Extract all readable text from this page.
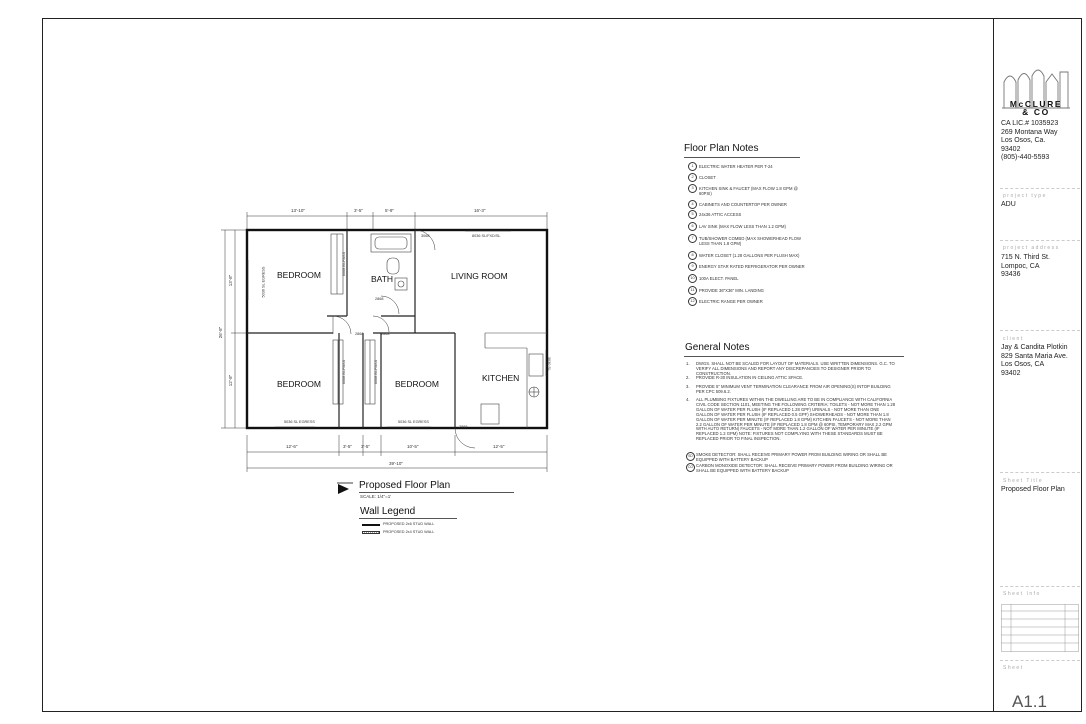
McCLURE
& CO
CA LIC.# 1035923
269 Montana Way
Los Osos, Ca.
93402
(805)-440-5593
project type
ADU
project address
715 N. Third St.
Lompoc, CA
93436
client
Jay & Candita Plotkin
829 Santa Maria Ave.
Los Osos, CA
93402
Sheet Title
Proposed Floor Plan
Sheet Info
Sheet
A1.1
Floor Plan Notes
1	ELECTRIC WATER HEATER PER T-24
2	CLOSET
3	KITCHEN SINK & FAUCET (MAX FLOW 1.8 GPM @ 60PSI)
4	CABINETS AND COUNTERTOP PER OWNER
5	24x36 ATTIC ACCESS
6	LAV SINK (MAX FLOW LESS THAN 1.2 GPM)
7	TUB/SHOWER COMBO (MAX SHOWERHEAD FLOW LESS THAN 1.8 GPM)
8	WATER CLOSET (1.28 GALLONS PER FLUSH MAX)
9	ENERGY STAR RATED REFRIGERATOR PER OWNER
10	100A ELECT. PANEL
11	PROVIDE 36"X36" MIN. LANDING
12	ELECTRIC RANGE PER OWNER
General Notes
1. DWGS. SHALL NOT BE SCALED FOR LAYOUT OF MATERIALS. USE WRITTEN DIMENSIONS. G.C. TO VERIFY ALL DIMENSIONS AND REPORT ANY DISCREPANCIES TO DESIGNER PRIOR TO CONSTRUCTION.
2. PROVIDE R-30 INSULATION IN CEILING ATTIC SPACE.
3. PROVIDE 5" MINIMUM VENT TERMINATION CLEARANCE FROM AIR OPENING(S) INTOP BUILDING PER CPC 509.6.2.
4. ALL PLUMBING FIXTURES WITHIN THE DWELLING ARE TO BE IN COMPLIANCE WITH CALIFORNIA CIVIL CODE SECTION 1101, MEETING THE FOLLOWING CRITERIA: TOILETS - NOT MORE THAN 1.28 GALLON OF WATER PER FLUSH (IF REPLACED 1.28 GPF) URINALS - NOT MORE THAN ONE GALLON OF WATER PER FLUSH (IF REPLACED 0.5 GPF) SHOWERHEADS - NOT MORE THAN 1.8 GALLON OF WATER PER MINUTE (IF REPLACED 1.8 GPM) KITCHEN FAUCETS - NOT MORE THAN 2.2 GALLON OF WATER PER MINUTE (IF REPLACED 1.8 GPM @ 60PSI, TEMPORARY MAX 2.2 GPM WITH AUTO RETURN) FAUCETS - NOT MORE THAN 1.2 GALLON OF WATER PER MINUTE (IF REPLACED 1.2 GPM) NOTE: FIXTURES NOT COMPLYING WITH THESE STANDARDS MUST BE REPLACED PRIOR TO FINAL INSPECTION.
SD SMOKE DETECTOR: SHALL RECEIVE PRIMARY POWER FROM BUILDING WIRING OR SHALL BE EQUIPPED WITH BATTERY BACKUP
CO CARBON MONOXIDE DETECTOR: SHALL RECEIVE PRIMARY POWER FROM BUILDING WIRING OR SHALL BE EQUIPPED WITH BATTERY BACKUP
BEDROOM	BATH	LIVING ROOM
BEDROOM	BEDROOM
KITCHEN
13'-10"	3'-5"	5'-9"	16'-3"
12'-6"	3'-5" 3'-5"	10'-5"	12'-5"
39'-10"
26'-8"
13'-8"
12'-8"
8036 SL/FXD/SL
5036 SL EGRESS
5036 SL EGRESS	5036 SL EGRESS
3030 SL
6068 BI-PASS
6068 BI-PASS	6068 BI-PASS
3068
2868	2868
2868
2868
Proposed Floor Plan
SCALE: 1/4"=1'
Wall Legend
PROPOSED 2x6 STUD WALL
PROPOSED 2x4 STUD WALL
